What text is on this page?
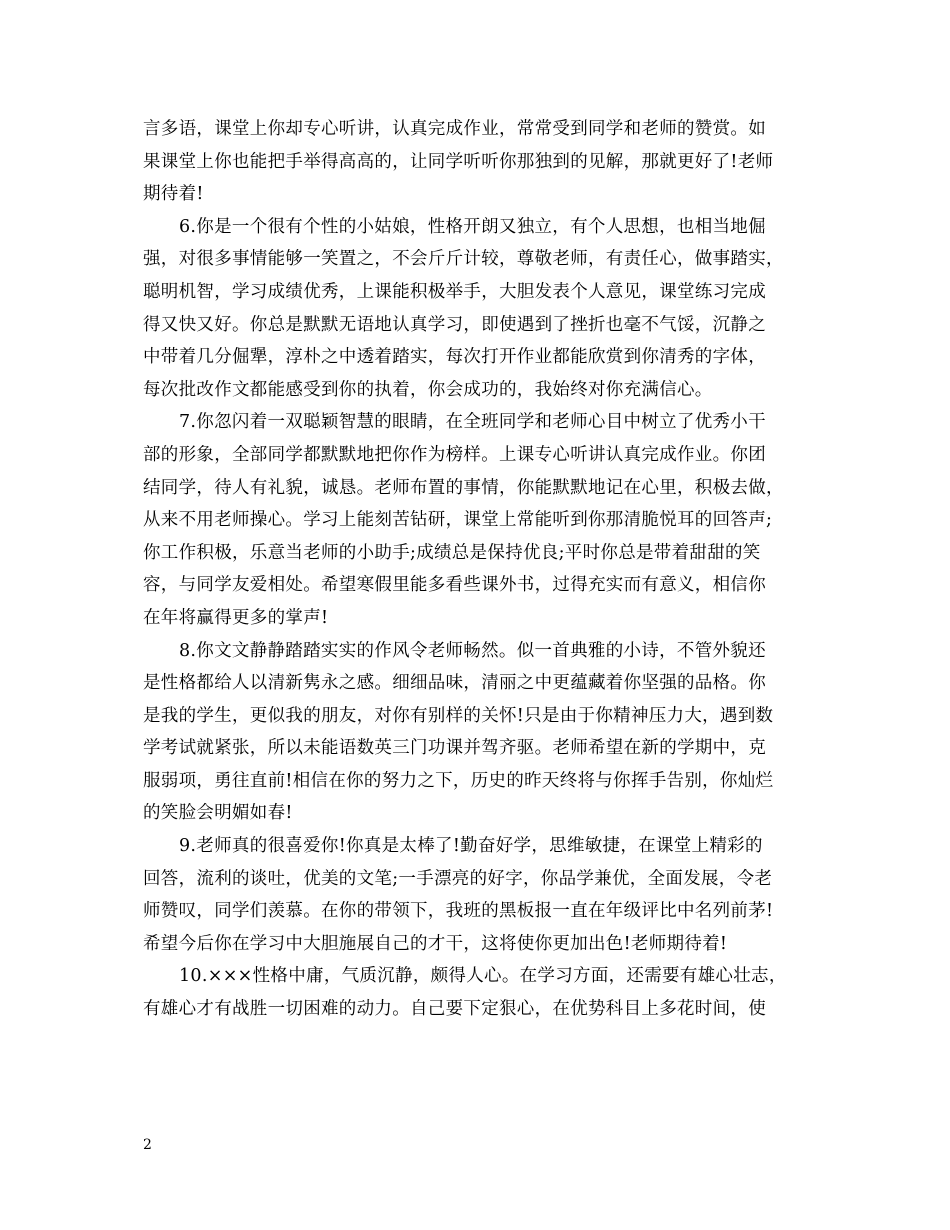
言多语，课堂上你却专心听讲，认真完成作业，常常受到同学和老师的赞赏。如
果课堂上你也能把手举得高高的，让同学听听你那独到的见解，那就更好了!老师
期待着!
6.你是一个很有个性的小姑娘，性格开朗又独立，有个人思想，也相当地倔
强，对很多事情能够一笑置之，不会斤斤计较，尊敬老师，有责任心，做事踏实，
聪明机智，学习成绩优秀，上课能积极举手，大胆发表个人意见，课堂练习完成
得又快又好。你总是默默无语地认真学习，即使遇到了挫折也毫不气馁，沉静之
中带着几分倔犟，淳朴之中透着踏实，每次打开作业都能欣赏到你清秀的字体，
每次批改作文都能感受到你的执着，你会成功的，我始终对你充满信心。
7.你忽闪着一双聪颖智慧的眼睛，在全班同学和老师心目中树立了优秀小干
部的形象，全部同学都默默地把你作为榜样。上课专心听讲认真完成作业。你团
结同学，待人有礼貌，诚恳。老师布置的事情，你能默默地记在心里，积极去做，
从来不用老师操心。学习上能刻苦钻研，课堂上常能听到你那清脆悦耳的回答声;
你工作积极，乐意当老师的小助手;成绩总是保持优良;平时你总是带着甜甜的笑
容，与同学友爱相处。希望寒假里能多看些课外书，过得充实而有意义，相信你
在年将赢得更多的掌声!
8.你文文静静踏踏实实的作风令老师畅然。似一首典雅的小诗，不管外貌还
是性格都给人以清新隽永之感。细细品味，清丽之中更蕴藏着你坚强的品格。你
是我的学生，更似我的朋友，对你有别样的关怀!只是由于你精神压力大，遇到数
学考试就紧张，所以未能语数英三门功课并驾齐驱。老师希望在新的学期中，克
服弱项，勇往直前!相信在你的努力之下，历史的昨天终将与你挥手告别，你灿烂
的笑脸会明媚如春!
9.老师真的很喜爱你!你真是太棒了!勤奋好学，思维敏捷，在课堂上精彩的
回答，流利的谈吐，优美的文笔;一手漂亮的好字，你品学兼优，全面发展，令老
师赞叹，同学们羡慕。在你的带领下，我班的黑板报一直在年级评比中名列前茅!
希望今后你在学习中大胆施展自己的才干，这将使你更加出色!老师期待着!
10.×××性格中庸，气质沉静，颇得人心。在学习方面，还需要有雄心壮志，
有雄心才有战胜一切困难的动力。自己要下定狠心，在优势科目上多花时间，使
2
